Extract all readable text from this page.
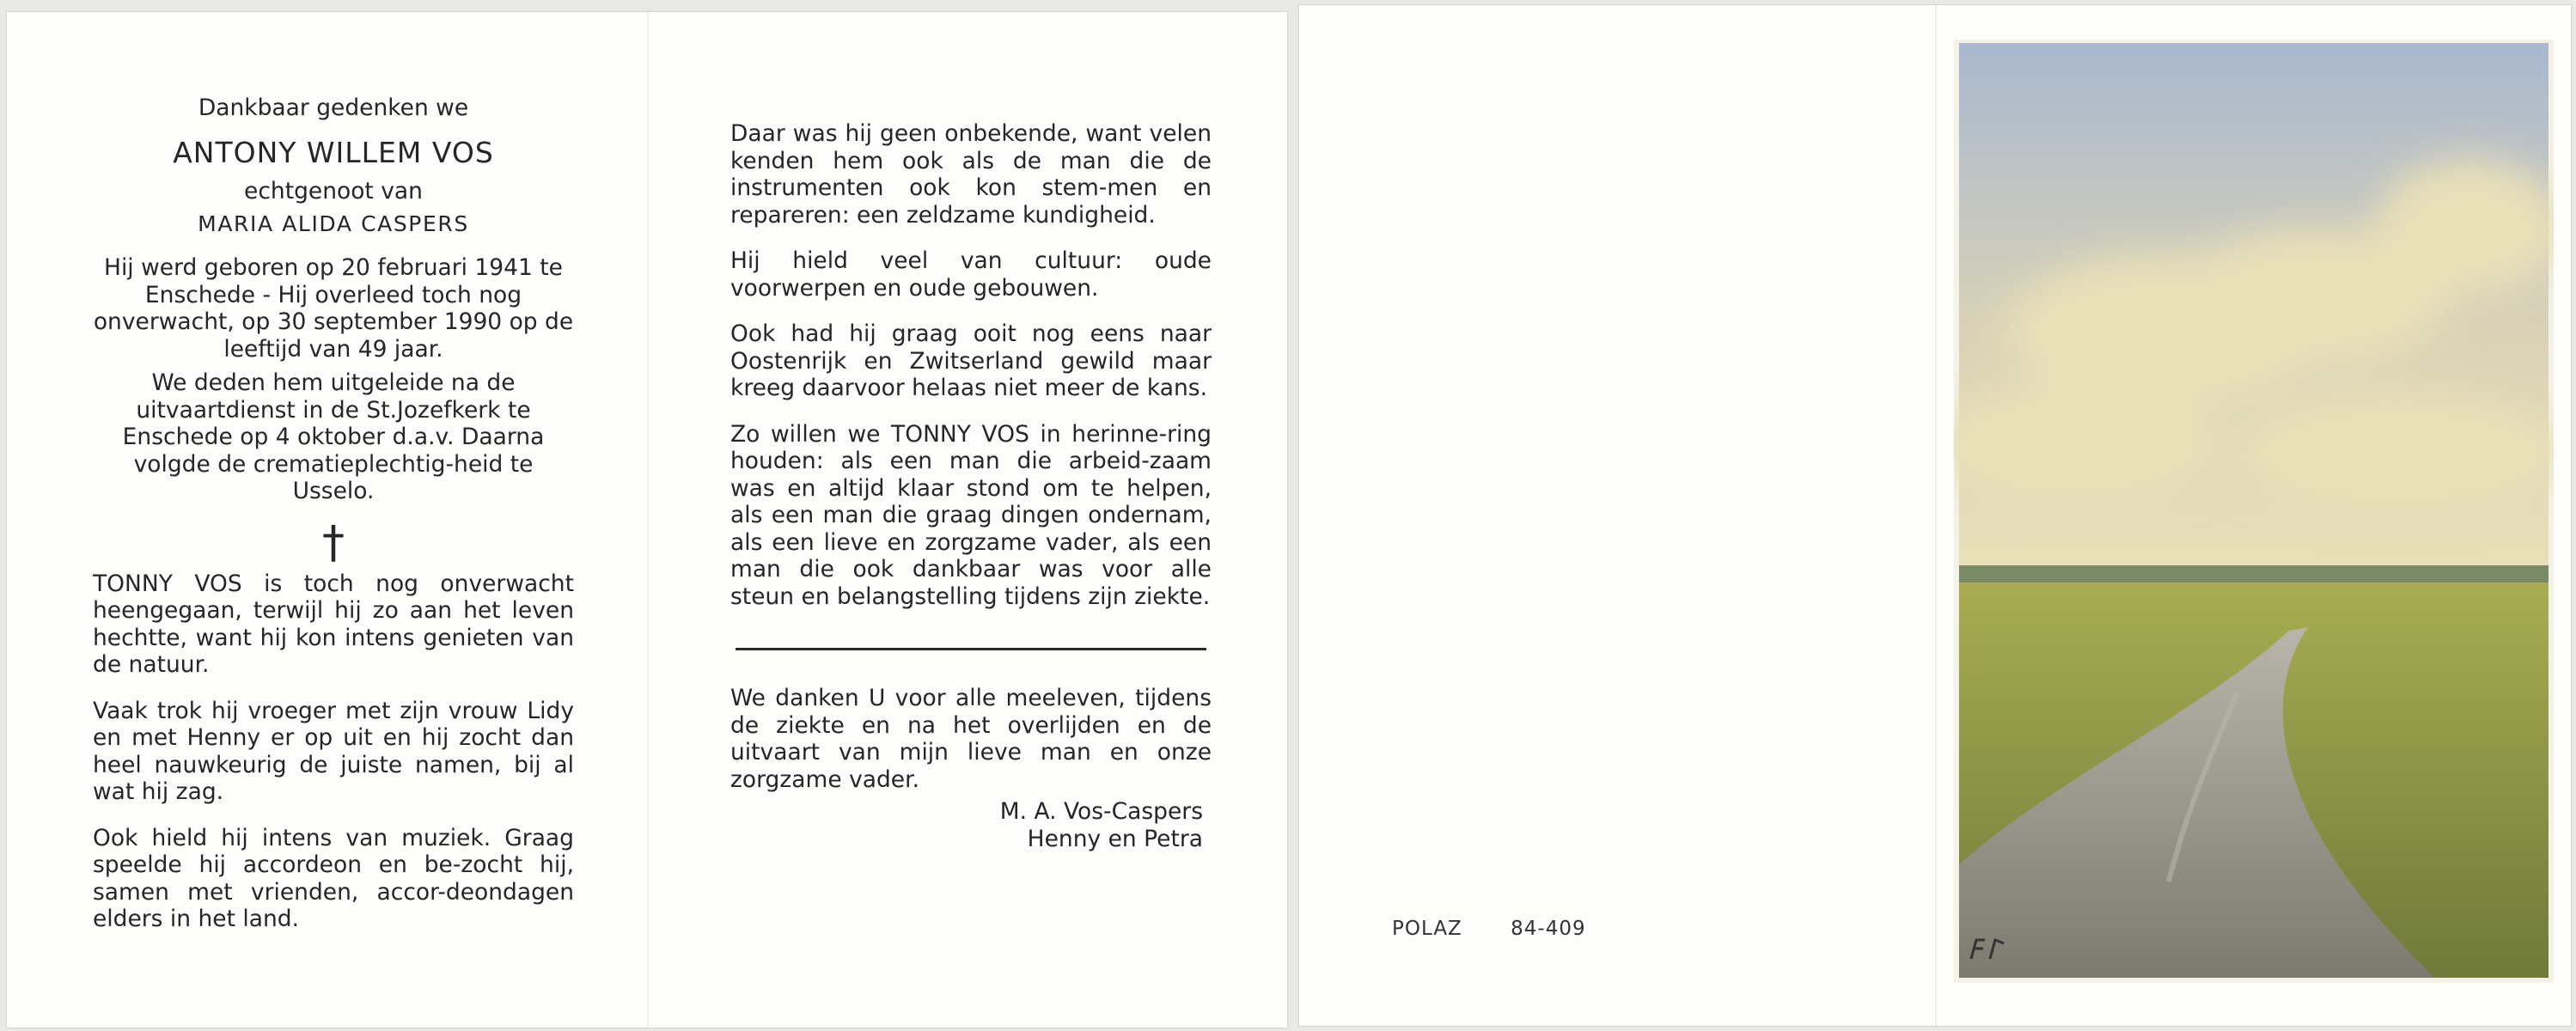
Dankbaar gedenken we

ANTONY WILLEM VOS

echtgenoot van

MARIA ALIDA CASPERS

Hij werd geboren op 20 februari 1941 te Enschede - Hij overleed toch nog onverwacht, op 30 september 1990 op de leeftijd van 49 jaar.

We deden hem uitgeleide na de uitvaartdienst in de St.Jozefkerk te Enschede op 4 oktober d.a.v. Daarna volgde de crematieplechtig-heid te Usselo.

†

TONNY VOS is toch nog onverwacht heengegaan, terwijl hij zo aan het leven hechtte, want hij kon intens genieten van de natuur.

Vaak trok hij vroeger met zijn vrouw Lidy en met Henny er op uit en hij zocht dan heel nauwkeurig de juiste namen, bij al wat hij zag.

Ook hield hij intens van muziek. Graag speelde hij accordeon en be-zocht hij, samen met vrienden, accor-deondagen elders in het land.

Daar was hij geen onbekende, want velen kenden hem ook als de man die de instrumenten ook kon stem-men en repareren: een zeldzame kundigheid.

Hij hield veel van cultuur: oude voorwerpen en oude gebouwen.

Ook had hij graag ooit nog eens naar Oostenrijk en Zwitserland gewild maar kreeg daarvoor helaas niet meer de kans.

Zo willen we TONNY VOS in herinne-ring houden: als een man die arbeid-zaam was en altijd klaar stond om te helpen, als een man die graag dingen ondernam, als een lieve en zorgzame vader, als een man die ook dankbaar was voor alle steun en belangstelling tijdens zijn ziekte.

We danken U voor alle meeleven, tijdens de ziekte en na het overlijden en de uitvaart van mijn lieve man en onze zorgzame vader.

M. A. Vos-Caspers

Henny en Petra

POLAZ 84-409
